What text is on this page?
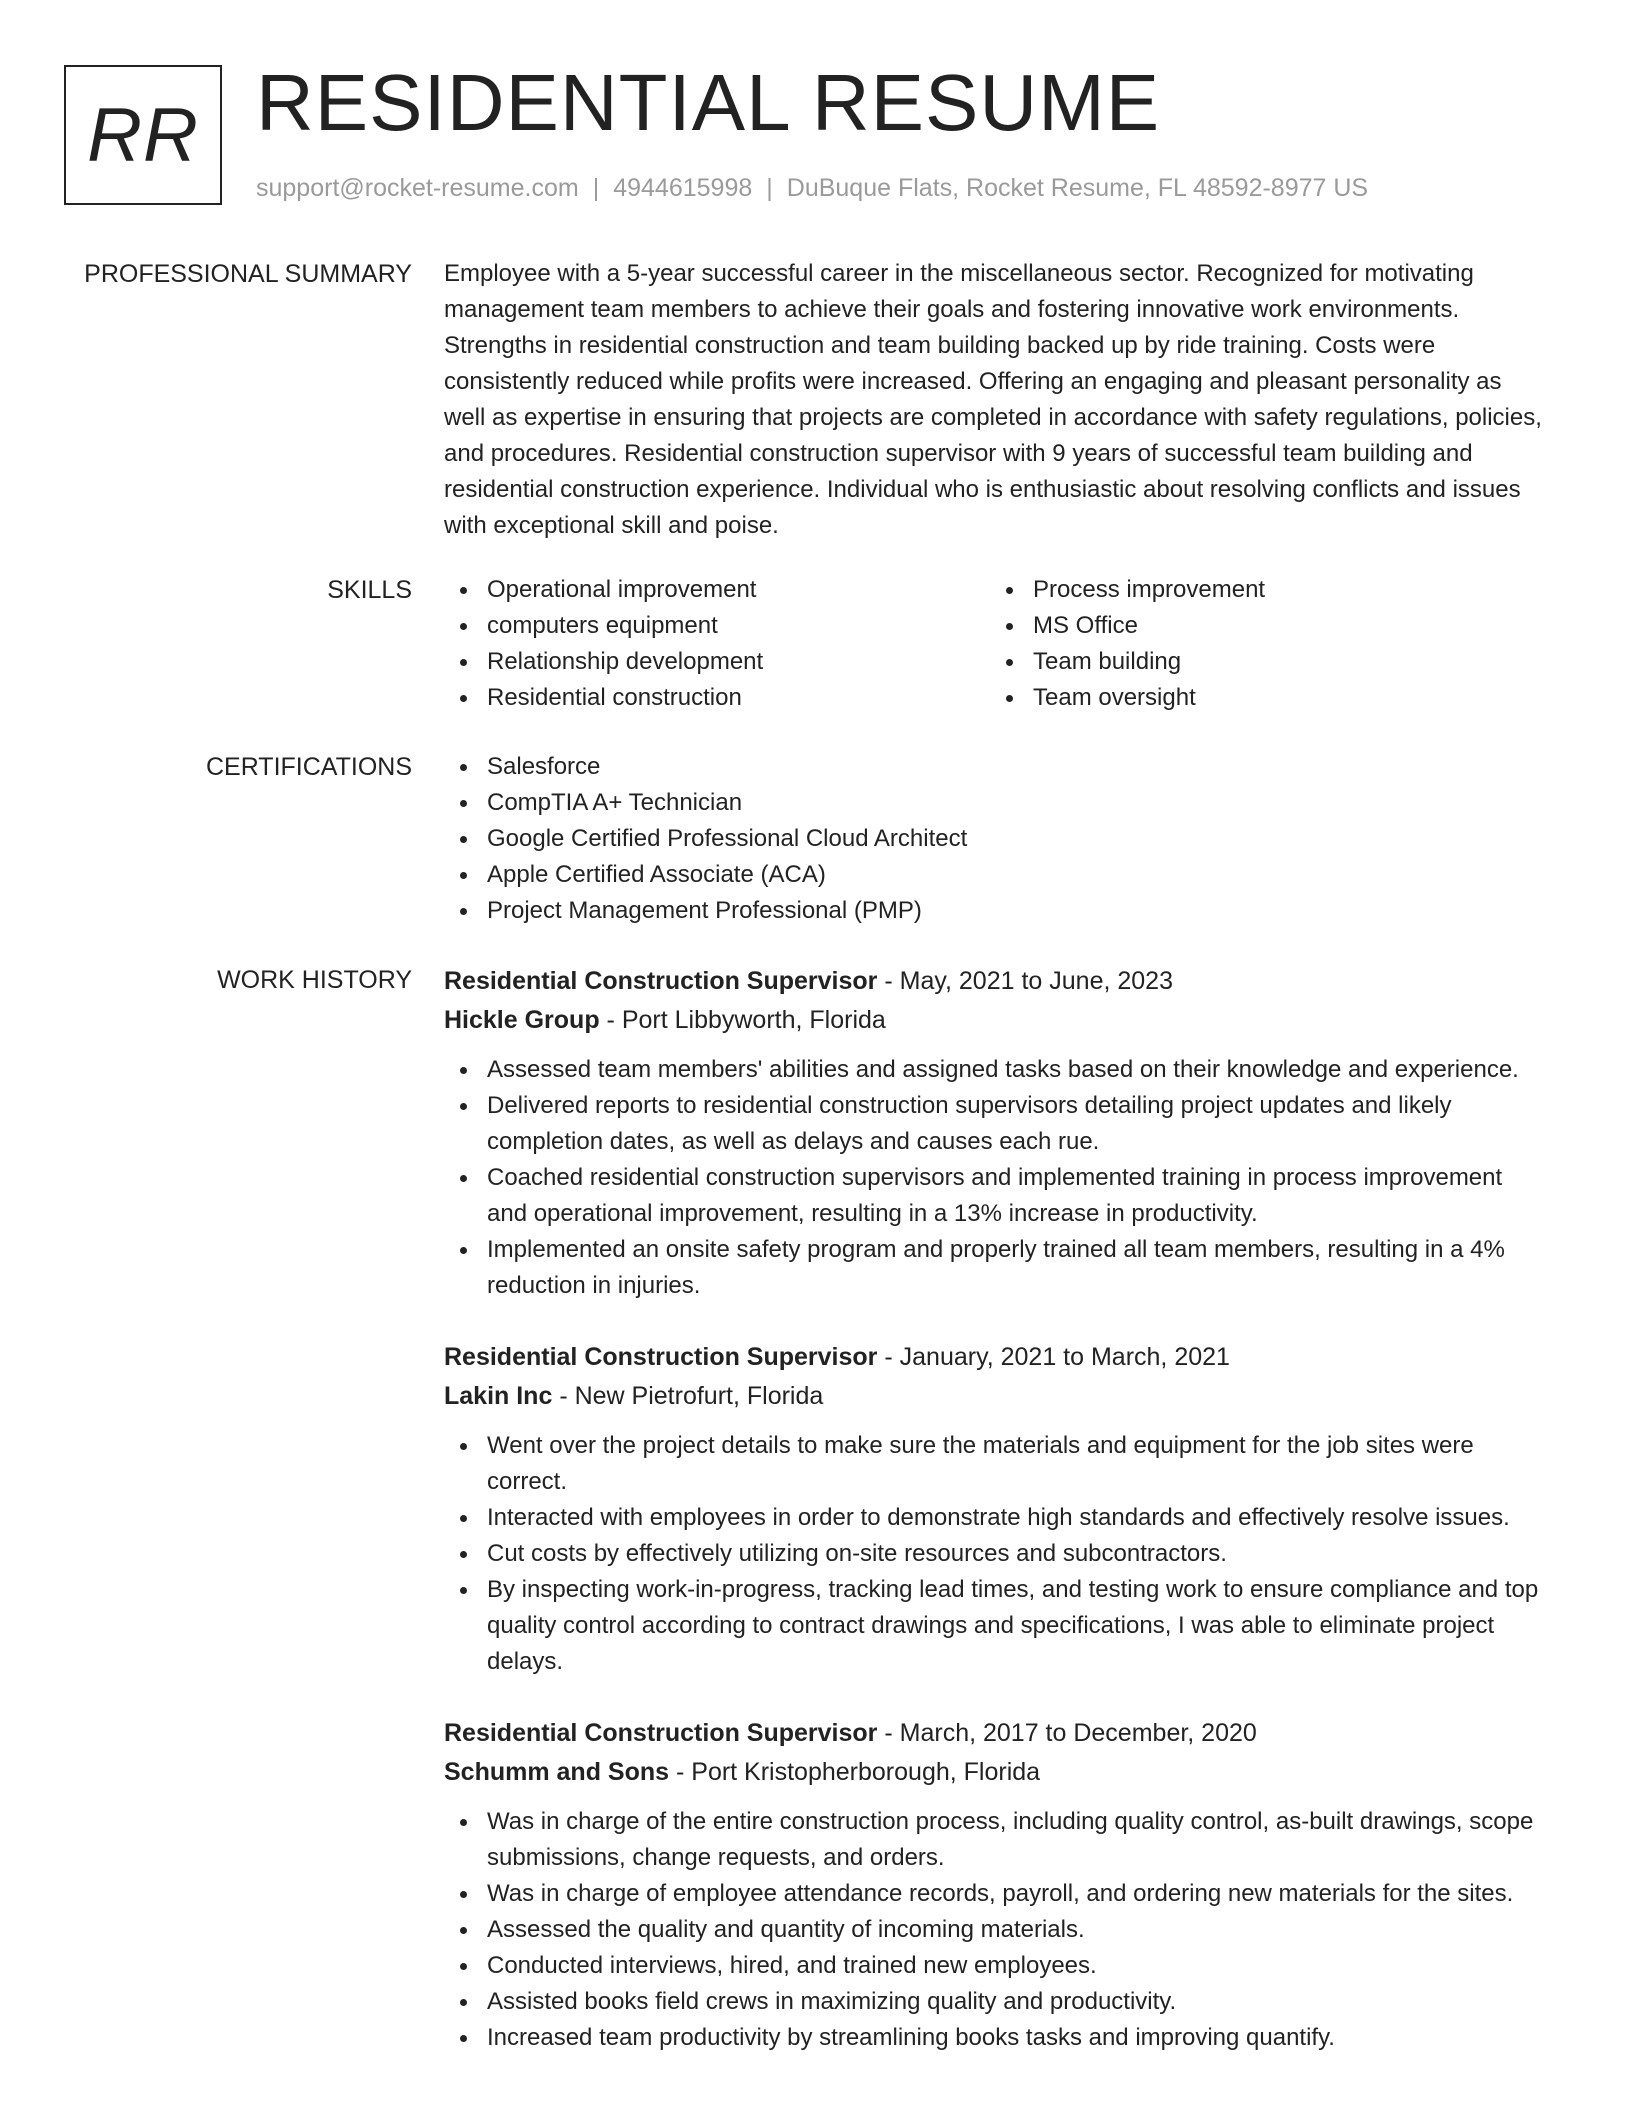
RR RESIDENTIAL RESUME
support@rocket-resume.com | 4944615998 | DuBuque Flats, Rocket Resume, FL 48592-8977 US
PROFESSIONAL SUMMARY Employee with a 5-year successful career in the miscellaneous sector. Recognized for motivating management team members to achieve their goals and fostering innovative work environments. Strengths in residential construction and team building backed up by ride training. Costs were consistently reduced while profits were increased. Offering an engaging and pleasant personality as well as expertise in ensuring that projects are completed in accordance with safety regulations, policies, and procedures. Residential construction supervisor with 9 years of successful team building and residential construction experience. Individual who is enthusiastic about resolving conflicts and issues with exceptional skill and poise.

SKILLS	Operational improvement
computers equipment
Relationship development
Residential construction
Process improvement
MS Office
Team building
Team oversight
CERTIFICATIONS	Salesforce
CompTIA A+ Technician
Google Certified Professional Cloud Architect
Apple Certified Associate (ACA)
Project Management Professional (PMP)
WORK HISTORY Residential Construction Supervisor - May, 2021 to June, 2023
Hickle Group - Port Libbyworth, Florida
Assessed team members' abilities and assigned tasks based on their knowledge and experience.
Delivered reports to residential construction supervisors detailing project updates and likely completion dates, as well as delays and causes each rue.
Coached residential construction supervisors and implemented training in process improvement and operational improvement, resulting in a 13% increase in productivity.
Implemented an onsite safety program and properly trained all team members, resulting in a 4% reduction in injuries.
Residential Construction Supervisor - January, 2021 to March, 2021
Lakin Inc - New Pietrofurt, Florida
Went over the project details to make sure the materials and equipment for the job sites were correct.
Interacted with employees in order to demonstrate high standards and effectively resolve issues.
Cut costs by effectively utilizing on-site resources and subcontractors.
By inspecting work-in-progress, tracking lead times, and testing work to ensure compliance and top quality control according to contract drawings and specifications, I was able to eliminate project delays.
Residential Construction Supervisor - March, 2017 to December, 2020
Schumm and Sons - Port Kristopherborough, Florida
Was in charge of the entire construction process, including quality control, as-built drawings, scope submissions, change requests, and orders.
Was in charge of employee attendance records, payroll, and ordering new materials for the sites.
Assessed the quality and quantity of incoming materials.
Conducted interviews, hired, and trained new employees.
Assisted books field crews in maximizing quality and productivity.
Increased team productivity by streamlining books tasks and improving quantify.
